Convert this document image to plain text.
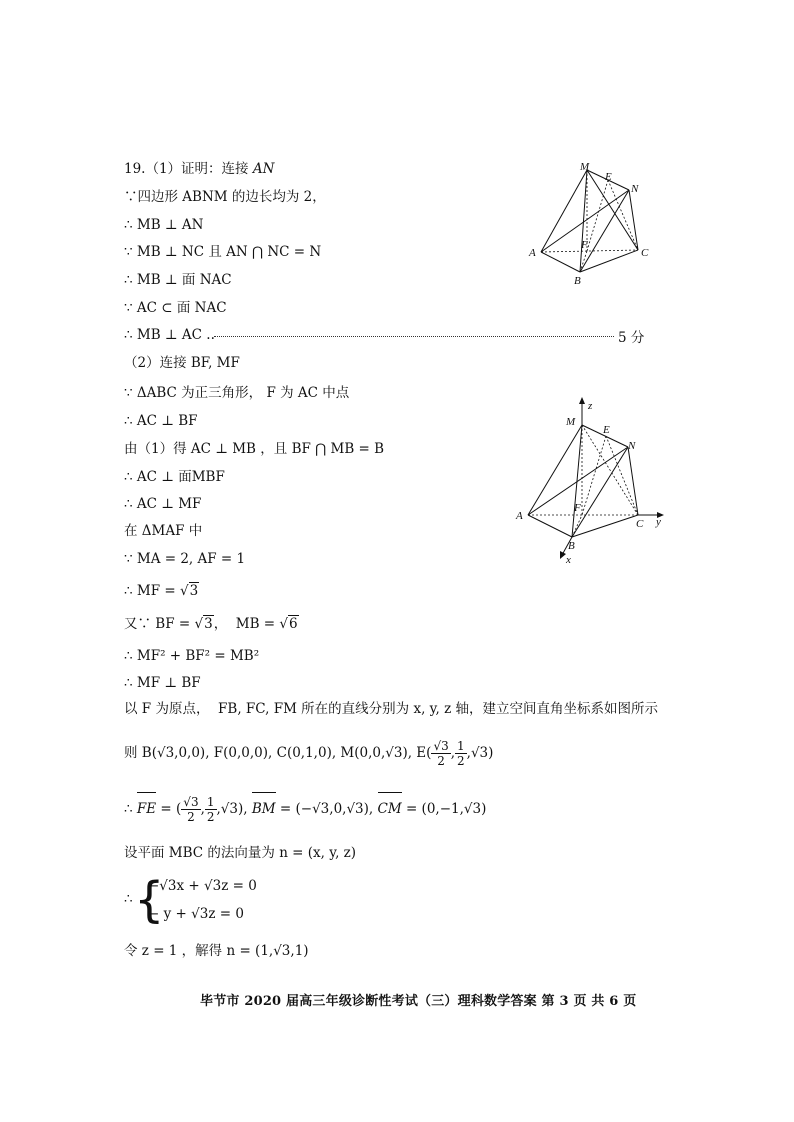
19.（1）证明：连接 AN
∵四边形 ABNM 的边长均为 2，
∴ MB ⊥ AN
∵ MB ⊥ NC 且 AN ⋂ NC = N
∴ MB ⊥ 面 NAC
∵ AC ⊂ 面 NAC
∴ MB ⊥ AC ..	5 分
（2）连接 BF, MF
∵ ΔABC 为正三角形， F 为 AC 中点
∴ AC ⊥ BF
由（1）得 AC ⊥ MB ，且 BF ⋂ MB = B
∴ AC ⊥ 面MBF
∴ AC ⊥ MF
在 ΔMAF 中
∵ MA = 2, AF = 1
∴ MF = √3
又∵ BF = √3，  MB = √6
∴ MF² + BF² = MB²
∴ MF ⊥ BF
以 F 为原点，  FB, FC, FM 所在的直线分别为 x, y, z 轴，建立空间直角坐标系如图所示
则 B(√3,0,0), F(0,0,0), C(0,1,0), M(0,0,√3), $E( \frac{√3}{2}$ , $\frac{1}{2} ,√3$)
∴ FE = ( $\frac{√3}{2}$ , $\frac{1}{2} ,√3$), BM = (−√3,0,√3), CM = (0,−1,√3)
设平面 MBC 的法向量为 n = (x, y, z)
∴ {
−√3x + √3z = 0
− y + √3z = 0
令 z = 1 ，解得 n = (1,√3,1)
M
E
N
A
F
C
B
M
z
E
N
A
F
C y
B
x
毕节市 2020 届高三年级诊断性考试（三）理科数学答案 第 3 页 共 6 页
